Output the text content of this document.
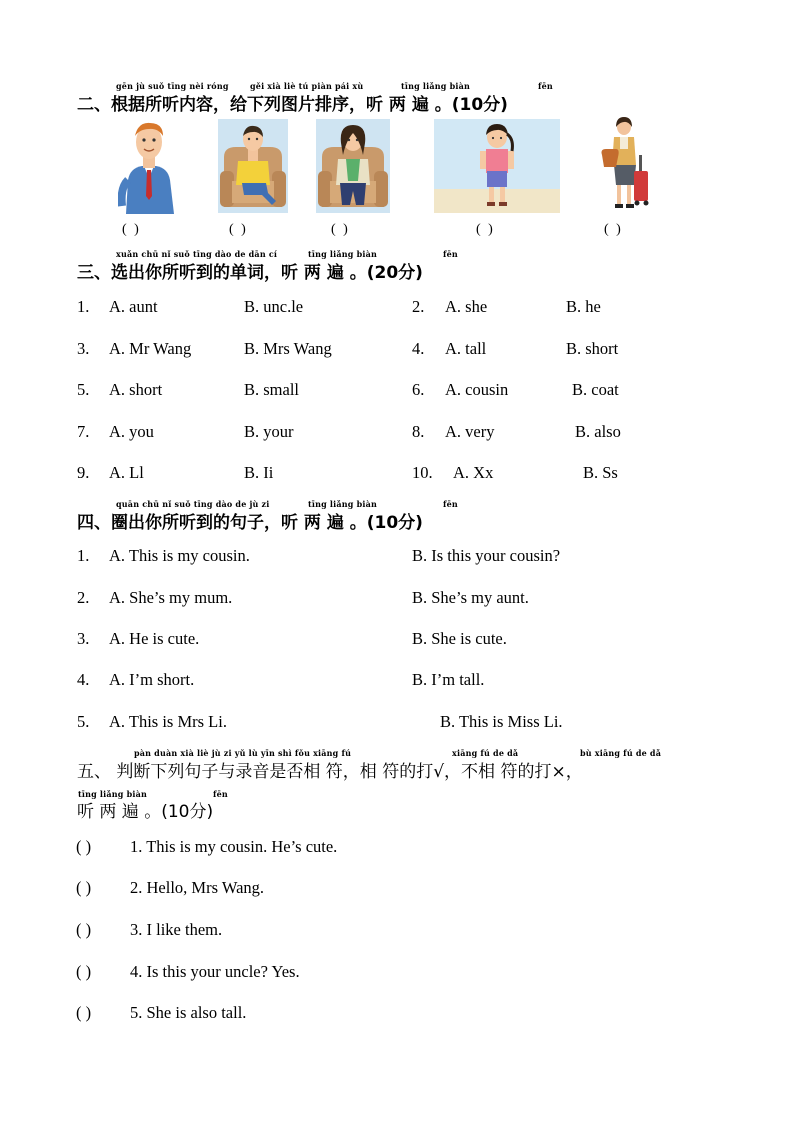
gēn jù suǒ tīng nèi róng	gěi xià liè tú piàn pái xù	tīng liǎng biàn	fēn
二、根据所听内容，给下列图片排序，听 两 遍 。(10分)
( )	( )	( )	( )	( )
xuǎn chū nǐ suǒ tīng dào de dān cí	tīng liǎng biàn	fēn
三、选出你所听到的单词，听 两 遍 。(20分)
1. A. aunt	B. unc.le	2. A. she	B. he
3. A. Mr Wang	B. Mrs Wang	4. A. tall	B. short
5. A. short	B. small	6. A. cousin	B. coat
7. A. you	B. your	8. A. very	B. also
9. A. Ll	B. Ii	10. A. Xx	B. Ss
quān chū nǐ suǒ tīng dào de jù zi	tīng liǎng biàn	fēn
四、圈出你所听到的句子，听 两 遍 。(10分)
1. A. This is my cousin.	B. Is this your cousin?
2. A. She’s my mum.	B. She’s my aunt.
3. A. He is cute.	B. She is cute.
4. A. I’m short.	B. I’m tall.
5. A. This is Mrs Li.	B. This is Miss Li.
pàn duàn xià liè jù zi yǔ lù yīn shì fǒu xiāng fú	xiāng fú de dǎ	bù xiāng fú de dǎ
五、 判断下列句子与录音是否相 符，相 符的打√，不相 符的打×，
tīng liǎng biàn	fēn
听 两 遍 。(10分)
( ) 1. This is my cousin. He’s cute.
( ) 2. Hello, Mrs Wang.
( ) 3. I like them.
( ) 4. Is this your uncle? Yes.
( ) 5. She is also tall.
